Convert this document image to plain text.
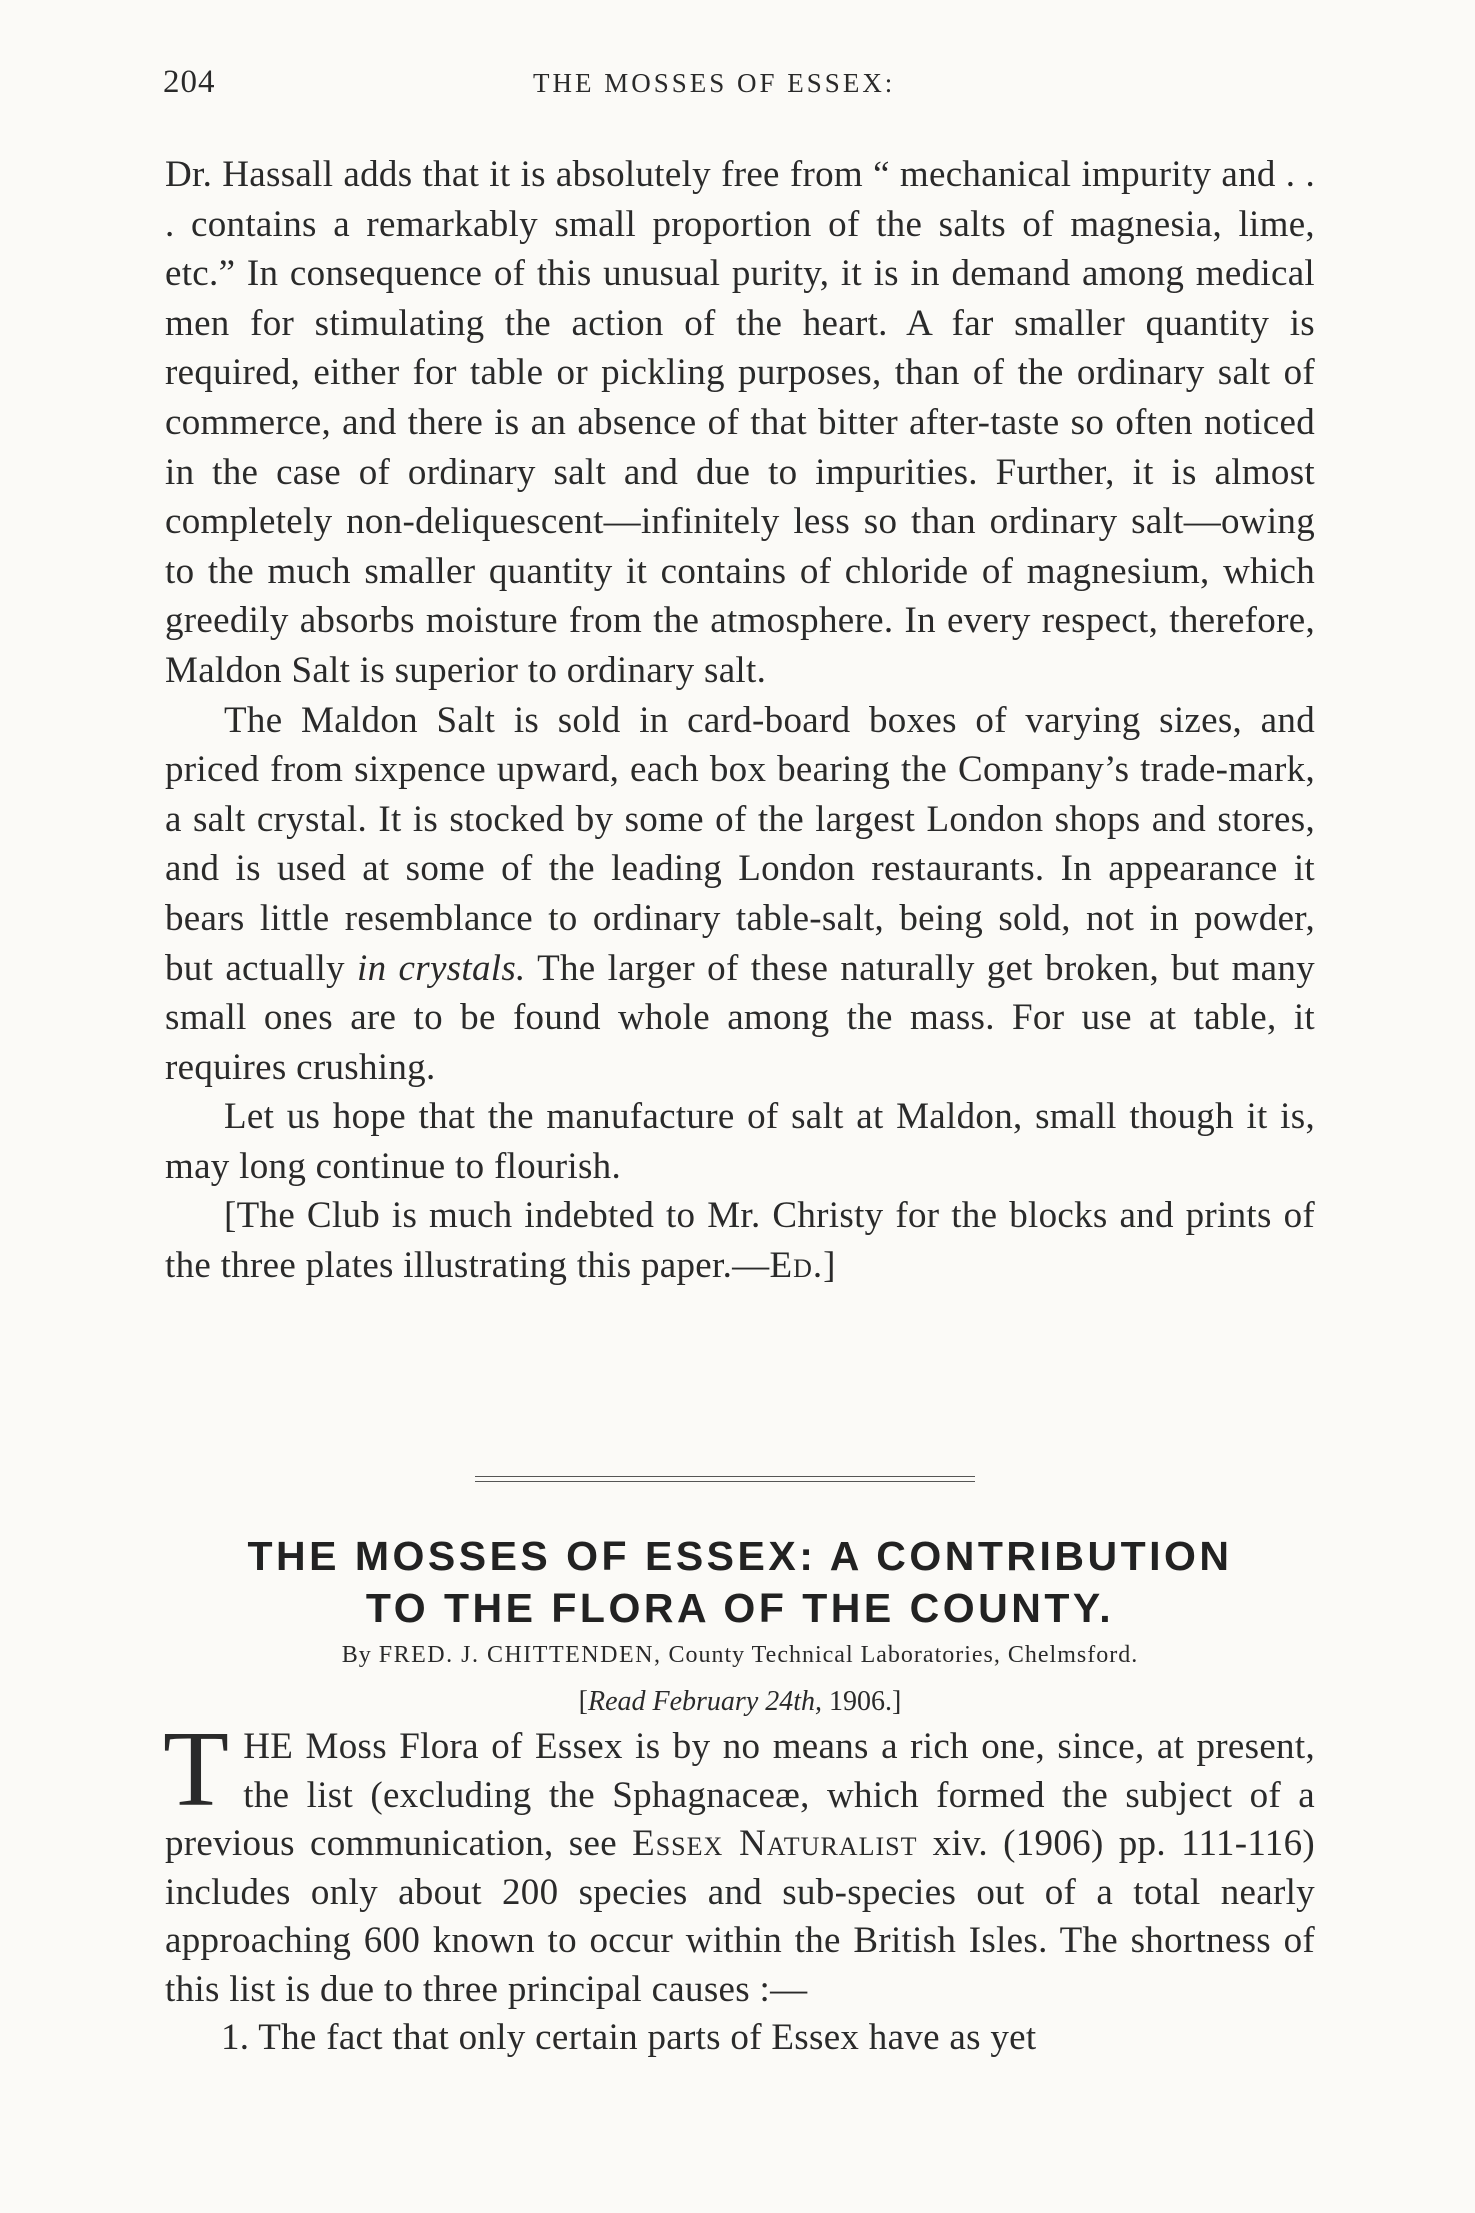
204	THE MOSSES OF ESSEX:

Dr. Hassall adds that it is absolutely free from “ mechanical impurity and . . . contains a remarkably small proportion of the salts of magnesia, lime, etc.” In consequence of this unusual purity, it is in demand among medical men for stimulating the action of the heart. A far smaller quantity is required, either for table or pickling purposes, than of the ordinary salt of commerce, and there is an absence of that bitter after-taste so often noticed in the case of ordinary salt and due to impurities. Further, it is almost completely non-deliquescent—infinitely less so than ordinary salt—owing to the much smaller quantity it contains of chloride of magnesium, which greedily absorbs moisture from the atmosphere. In every respect, therefore, Maldon Salt is superior to ordinary salt.

The Maldon Salt is sold in card-board boxes of varying sizes, and priced from sixpence upward, each box bearing the Company’s trade-mark, a salt crystal. It is stocked by some of the largest London shops and stores, and is used at some of the leading London restaurants. In appearance it bears little resemblance to ordinary table-salt, being sold, not in powder, but actually in crystals. The larger of these naturally get broken, but many small ones are to be found whole among the mass. For use at table, it requires crushing.

Let us hope that the manufacture of salt at Maldon, small though it is, may long continue to flourish.

[The Club is much indebted to Mr. Christy for the blocks and prints of the three plates illustrating this paper.—Ed.]

THE MOSSES OF ESSEX: A CONTRIBUTION
TO THE FLORA OF THE COUNTY.
By FRED. J. CHITTENDEN, County Technical Laboratories, Chelmsford.
[Read February 24th, 1906.]

THE Moss Flora of Essex is by no means a rich one, since, at present, the list (excluding the Sphagnaceæ, which formed the subject of a previous communication, see Essex Naturalist xiv. (1906) pp. 111-116) includes only about 200 species and sub-species out of a total nearly approaching 600 known to occur within the British Isles. The shortness of this list is due to three principal causes :—

1. The fact that only certain parts of Essex have as yet
